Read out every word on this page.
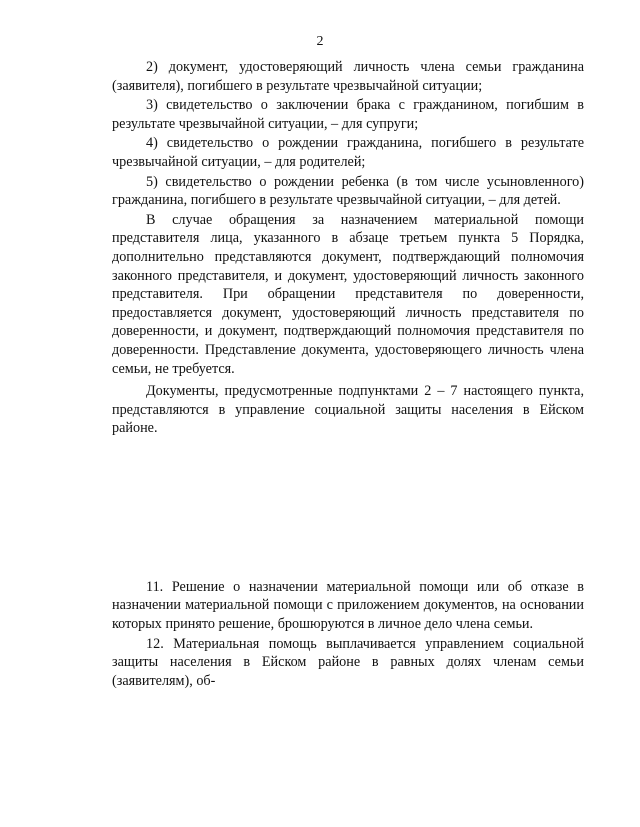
2

2) документ, удостоверяющий личность члена семьи гражданина (заявителя), погибшего в результате чрезвычайной ситуации;

3) свидетельство о заключении брака с гражданином, погибшим в результате чрезвычайной ситуации, – для супруги;

4) свидетельство о рождении гражданина, погибшего в результате чрезвычайной ситуации, – для родителей;

5) свидетельство о рождении ребенка (в том числе усыновленного) гражданина, погибшего в результате чрезвычайной ситуации, – для детей.

В случае обращения за назначением материальной помощи представителя лица, указанного в абзаце третьем пункта 5 Порядка, дополнительно представляются документ, подтверждающий полномочия законного представителя, и документ, удостоверяющий личность законного представителя. При обращении представителя по доверенности, предоставляется документ, удостоверяющий личность представителя по доверенности, и документ, подтверждающий полномочия представителя по доверенности. Представление документа, удостоверяющего личность члена семьи, не требуется.

Документы, предусмотренные подпунктами 2 – 7 настоящего пункта, представляются в управление социальной защиты населения в Ейском районе.

11. Решение о назначении материальной помощи или об отказе в назначении материальной помощи с приложением документов, на основании которых принято решение, брошюруются в личное дело члена семьи.

12. Материальная помощь выплачивается управлением социальной защиты населения в Ейском районе в равных долях членам семьи (заявителям), об-
